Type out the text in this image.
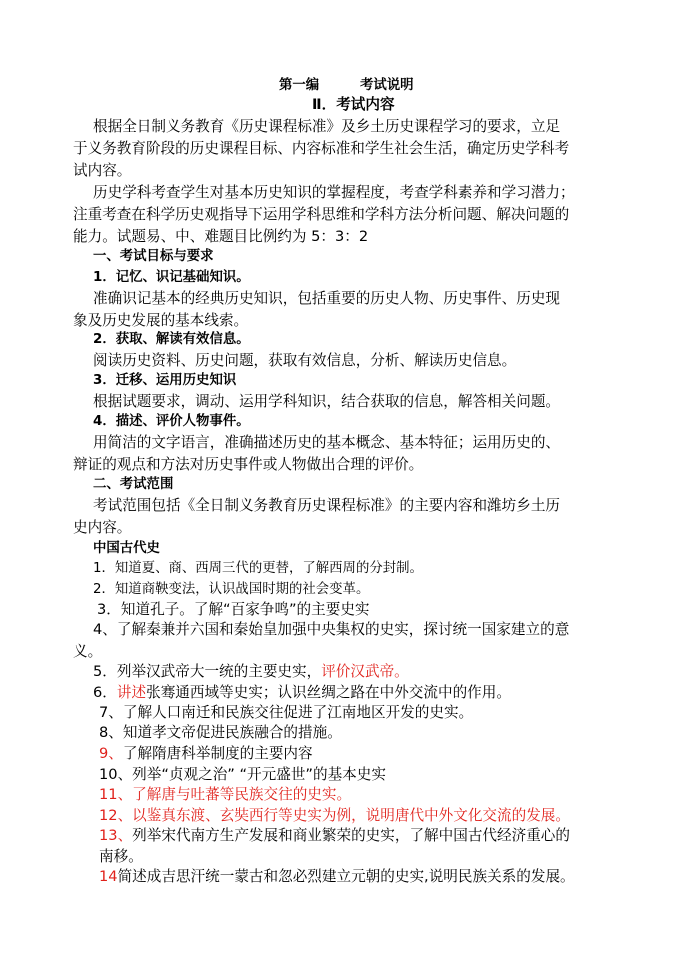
第一编	考试说明
Ⅱ．考试内容
根据全日制义务教育《历史课程标准》及乡土历史课程学习的要求，立足
于义务教育阶段的历史课程目标、内容标准和学生社会生活，确定历史学科考
试内容。
历史学科考查学生对基本历史知识的掌握程度，考查学科素养和学习潜力；
注重考查在科学历史观指导下运用学科思维和学科方法分析问题、解决问题的
能力。试题易、中、难题目比例约为 5：3：2
一、考试目标与要求
1．记忆、识记基础知识。
准确识记基本的经典历史知识，包括重要的历史人物、历史事件、历史现
象及历史发展的基本线索。
2．获取、解读有效信息。
阅读历史资料、历史问题，获取有效信息，分析、解读历史信息。
3．迁移、运用历史知识
根据试题要求，调动、运用学科知识，结合获取的信息，解答相关问题。
4．描述、评价人物事件。
用简洁的文字语言，准确描述历史的基本概念、基本特征；运用历史的、
辩证的观点和方法对历史事件或人物做出合理的评价。
二、考试范围
考试范围包括《全日制义务教育历史课程标准》的主要内容和潍坊乡土历
史内容。
中国古代史
1．知道夏、商、西周三代的更替，了解西周的分封制。
2．知道商鞅变法，认识战国时期的社会变革。
3．知道孔子。了解“百家争鸣”的主要史实
4、了解秦兼并六国和秦始皇加强中央集权的史实，探讨统一国家建立的意
义。
5．列举汉武帝大一统的主要史实，评价汉武帝。
6．讲述张骞通西域等史实；认识丝绸之路在中外交流中的作用。
7、了解人口南迁和民族交往促进了江南地区开发的史实。
8、知道孝文帝促进民族融合的措施。
9、了解隋唐科举制度的主要内容
10、列举“贞观之治” “开元盛世”的基本史实
11、了解唐与吐蕃等民族交往的史实。
12、以鉴真东渡、玄奘西行等史实为例，说明唐代中外文化交流的发展。
13、列举宋代南方生产发展和商业繁荣的史实，了解中国古代经济重心的
南移。
14简述成吉思汗统一蒙古和忽必烈建立元朝的史实,说明民族关系的发展。
